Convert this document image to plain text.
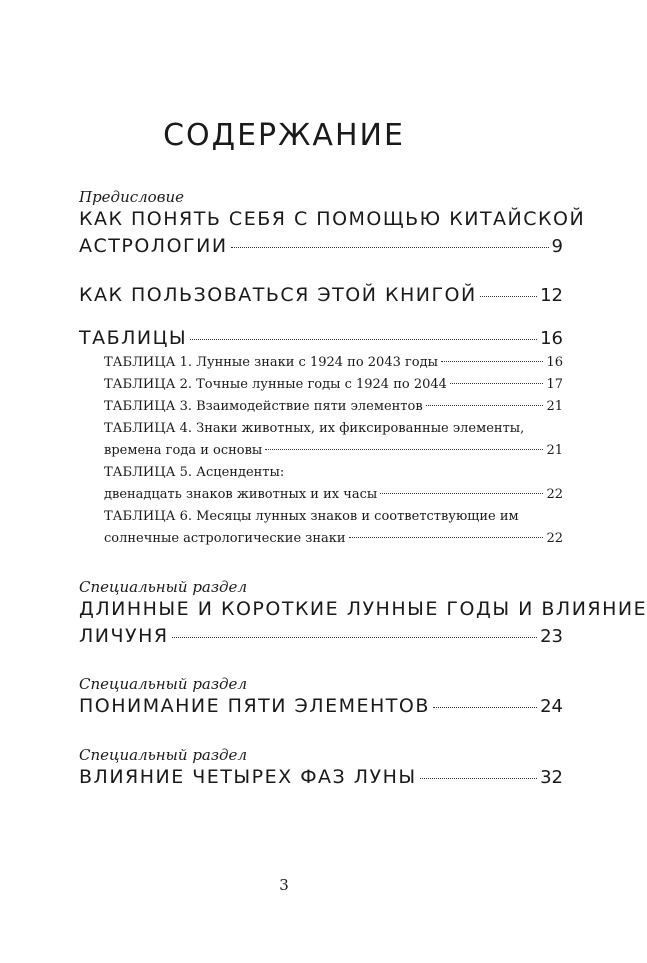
СОДЕРЖАНИЕ
Предисловие
КАК ПОНЯТЬ СЕБЯ С ПОМОЩЬЮ КИТАЙСКОЙ
АСТРОЛОГИИ	9
КАК ПОЛЬЗОВАТЬСЯ ЭТОЙ КНИГОЙ	12
ТАБЛИЦЫ	16
ТАБЛИЦА 1. Лунные знаки с 1924 по 2043 годы	16
ТАБЛИЦА 2. Точные лунные годы с 1924 по 2044	17
ТАБЛИЦА 3. Взаимодействие пяти элементов	21
ТАБЛИЦА 4. Знаки животных, их фиксированные элементы,
времена года и основы	21
ТАБЛИЦА 5. Асценденты:
двенадцать знаков животных и их часы	22
ТАБЛИЦА 6. Месяцы лунных знаков и соответствующие им
солнечные астрологические знаки	22
Специальный раздел
ДЛИННЫЕ И КОРОТКИЕ ЛУННЫЕ ГОДЫ И ВЛИЯНИЕ
ЛИЧУНЯ	23
Специальный раздел
ПОНИМАНИЕ ПЯТИ ЭЛЕМЕНТОВ	24
Специальный раздел
ВЛИЯНИЕ ЧЕТЫРЕХ ФАЗ ЛУНЫ	32
3
